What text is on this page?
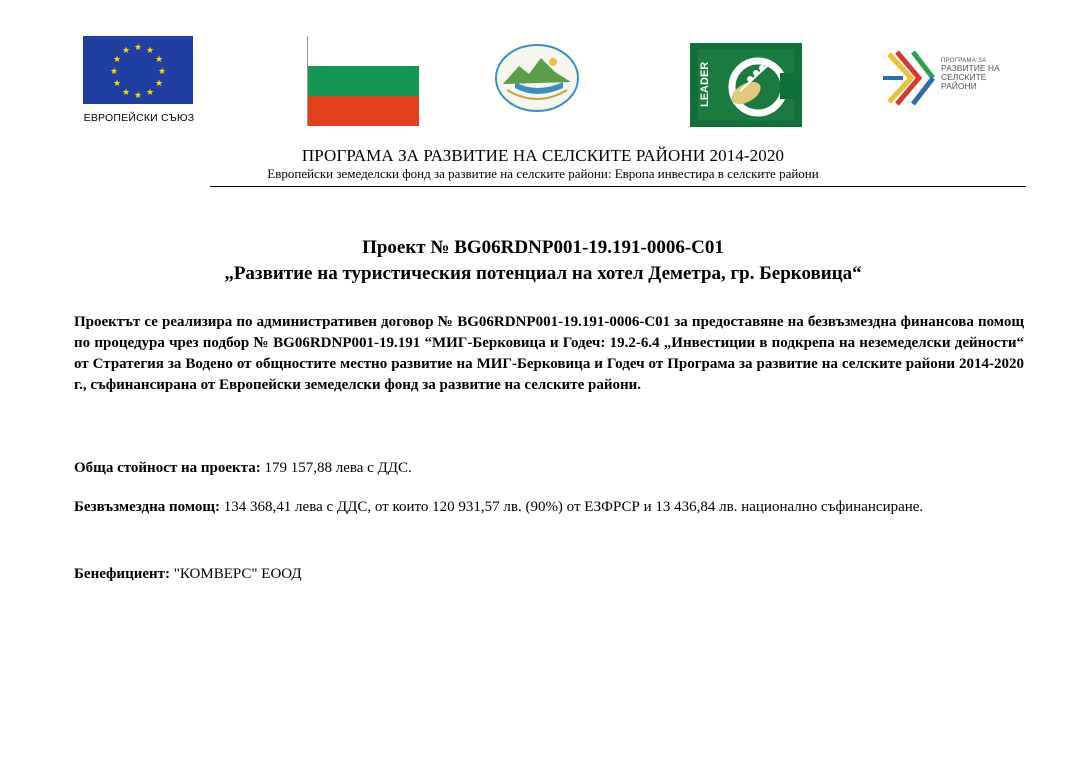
★ ★
★
★
★
★
★
★
★
★
★
★
ЕВРОПЕЙСКИ СЪЮЗ
LEADER
ПРОГРАМА ЗА
РАЗВИТИЕ НА
СЕЛСКИТЕ РАЙОНИ
ПРОГРАМА ЗА РАЗВИТИЕ НА СЕЛСКИТЕ РАЙОНИ 2014-2020
Европейски земеделски фонд за развитие на селските райони: Европа инвестира в селските райони
Проект № BG06RDNP001-19.191-0006-C01
„Развитие на туристическия потенциал на хотел Деметра, гр. Берковица“
Проектът се реализира по административен договор № BG06RDNP001-19.191-0006-C01 за предоставяне на безвъзмездна финансова помощ по процедура чрез подбор № BG06RDNP001-19.191 “МИГ-Берковица и Годеч: 19.2-6.4 „Инвестиции в подкрепа на неземеделски дейности“ от Стратегия за Водено от общностите местно развитие на МИГ-Берковица и Годеч от Програма за развитие на селските райони 2014-2020 г., съфинансирана от Европейски земеделски фонд за развитие на селските райони.
Обща стойност на проекта: 179 157,88 лева с ДДС.
Безвъзмездна помощ: 134 368,41 лева с ДДС, от които 120 931,57 лв. (90%) от ЕЗФРСР и 13 436,84 лв. национално съфинансиране.
Бенефициент: "КОМВЕРС" ЕООД
